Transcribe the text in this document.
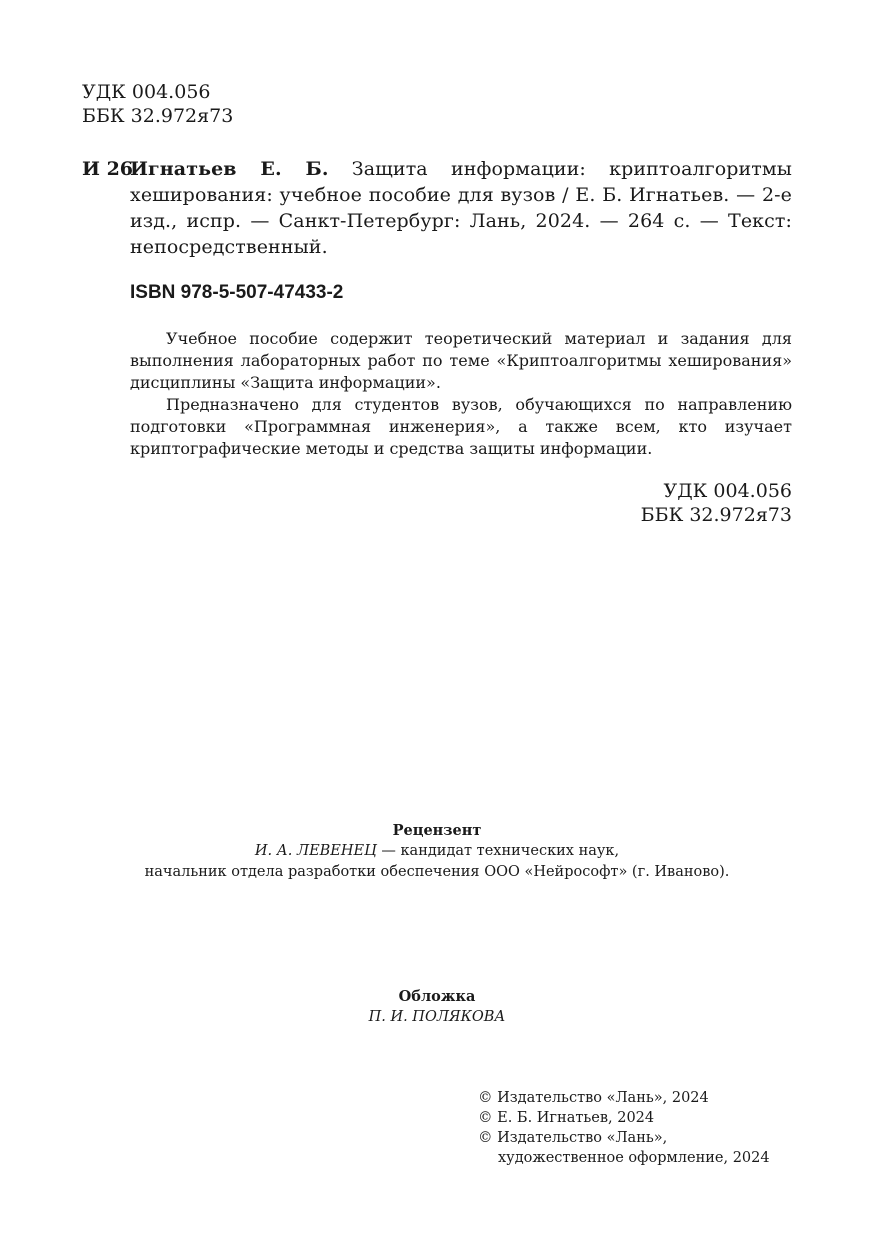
УДК 004.056
ББК 32.972я73
И 26
Игнатьев Е. Б. Защита информации: криптоалгоритмы хеширования: учебное пособие для вузов / Е. Б. Игнатьев. — 2-е изд., испр. — Санкт-Петербург: Лань, 2024. — 264 с. — Текст: непосредственный.
ISBN 978-5-507-47433-2

Учебное пособие содержит теоретический материал и задания для выполнения лабораторных работ по теме «Криптоалгоритмы хеширования» дисциплины «Защита информации».

Предназначено для студентов вузов, обучающихся по направлению подготовки «Программная инженерия», а также всем, кто изучает криптографические методы и средства защиты информации.

УДК 004.056
ББК 32.972я73
Рецензент
И. А. ЛЕВЕНЕЦ — кандидат технических наук,
начальник отдела разработки обеспечения ООО «Нейрософт» (г. Иваново).
Обложка
П. И. ПОЛЯКОВА
© Издательство «Лань», 2024
© Е. Б. Игнатьев, 2024
© Издательство «Лань»,
художественное оформление, 2024
